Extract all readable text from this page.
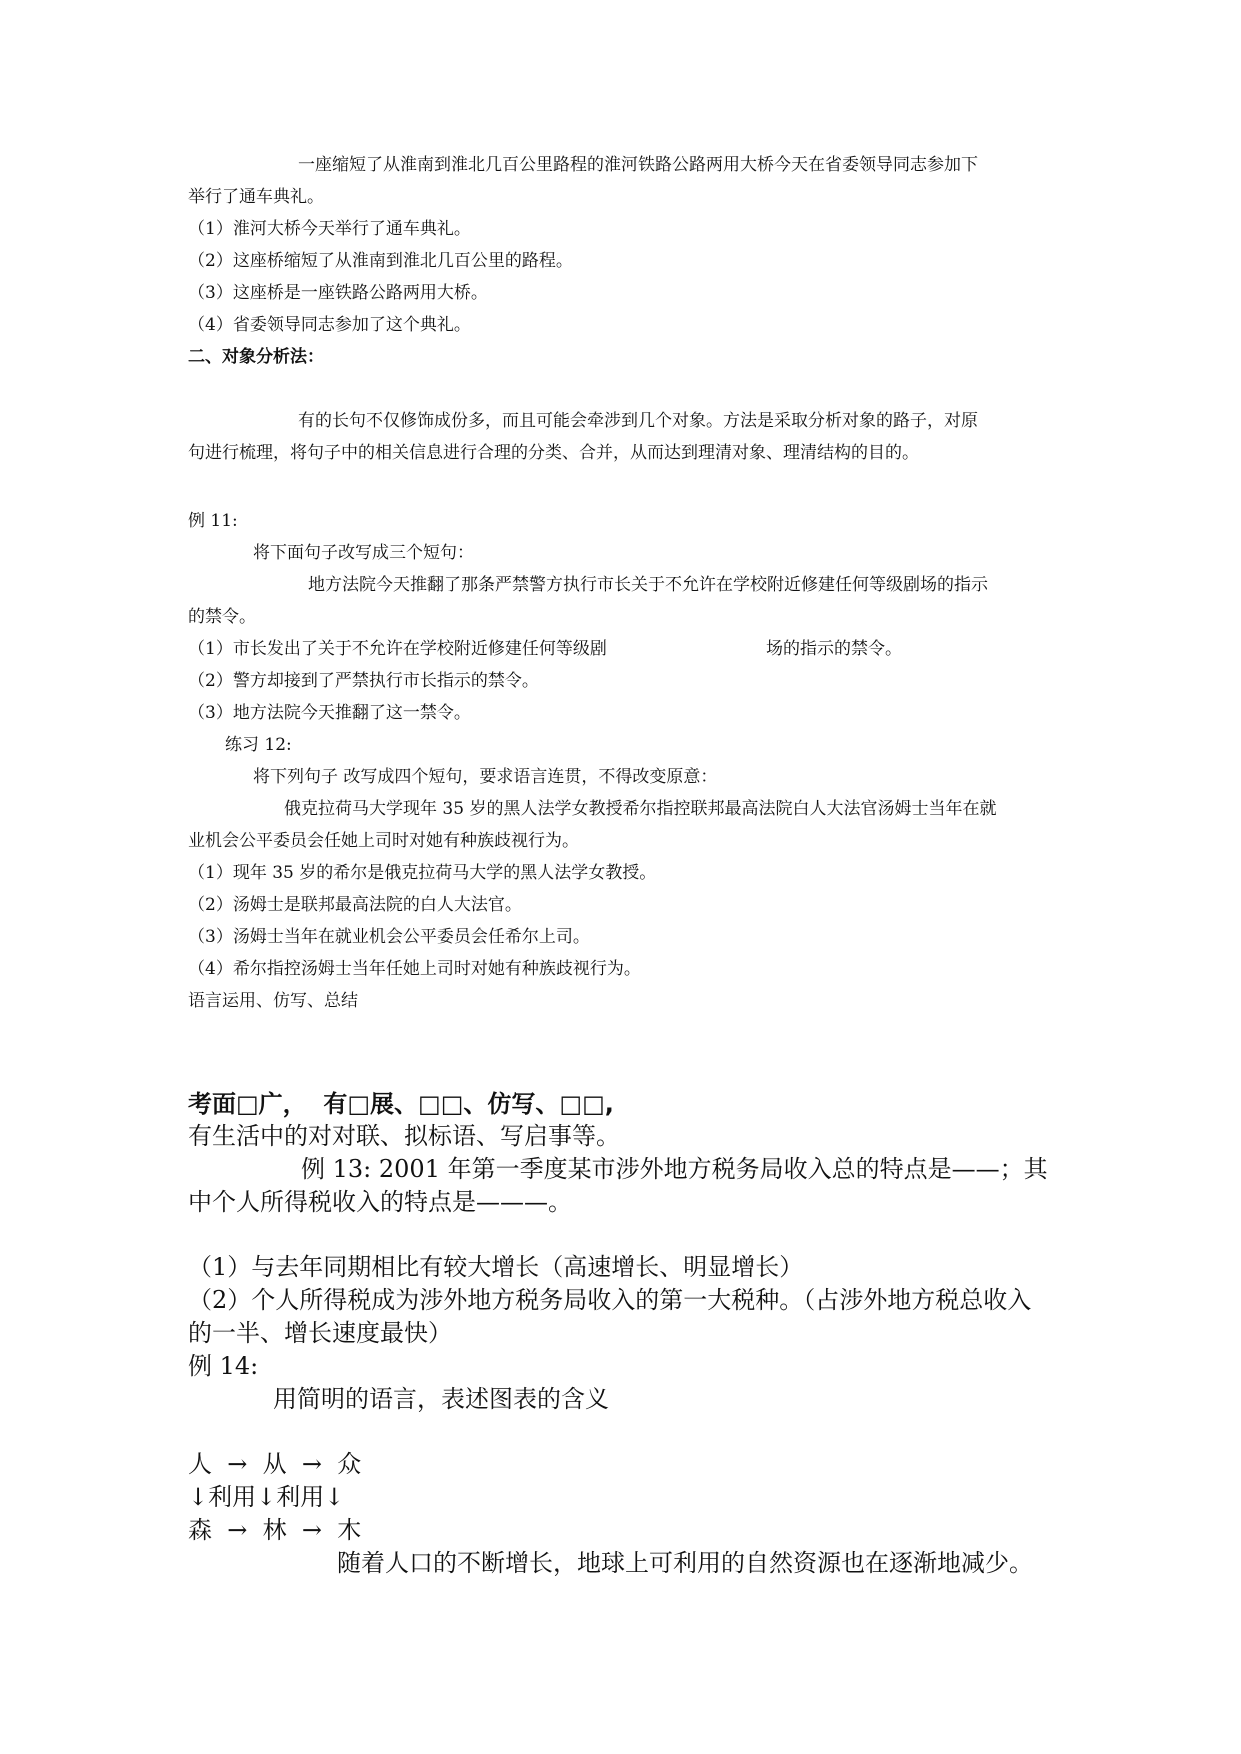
一座缩短了从淮南到淮北几百公里路程的淮河铁路公路两用大桥今天在省委领导同志参加下
举行了通车典礼。
（1）淮河大桥今天举行了通车典礼。
（2）这座桥缩短了从淮南到淮北几百公里的路程。
（3）这座桥是一座铁路公路两用大桥。
（4）省委领导同志参加了这个典礼。
二、对象分析法：
有的长句不仅修饰成份多，而且可能会牵涉到几个对象。方法是采取分析对象的路子，对原
句进行梳理，将句子中的相关信息进行合理的分类、合并，从而达到理清对象、理清结构的目的。
例 11:
将下面句子改写成三个短句：
地方法院今天推翻了那条严禁警方执行市长关于不允许在学校附近修建任何等级剧场的指示
的禁令。
（1）市长发出了关于不允许在学校附近修建任何等级剧	场的指示的禁令。
（2）警方却接到了严禁执行市长指示的禁令。
（3）地方法院今天推翻了这一禁令。
练习 12:
将下列句子 改写成四个短句，要求语言连贯，不得改变原意：
俄克拉荷马大学现年 35 岁的黑人法学女教授希尔指控联邦最高法院白人大法官汤姆士当年在就
业机会公平委员会任她上司时对她有种族歧视行为。
（1）现年 35 岁的希尔是俄克拉荷马大学的黑人法学女教授。
（2）汤姆士是联邦最高法院的白人大法官。
（3）汤姆士当年在就业机会公平委员会任希尔上司。
（4）希尔指控汤姆士当年任她上司时对她有种族歧视行为。
语言运用、仿写、总结
考面□广，  有□展、□□、仿写、□□,
有生活中的对对联、拟标语、写启事等。
例 13: 2001 年第一季度某市涉外地方税务局收入总的特点是——；其
中个人所得税收入的特点是———。
（1）与去年同期相比有较大增长（高速增长、明显增长）
（2）个人所得税成为涉外地方税务局收入的第一大税种。（占涉外地方税总收入
的一半、增长速度最快）
例 14:
用简明的语言，表述图表的含义
人  →  从  →  众
↓利用↓利用↓
森  →  林  →  木
随着人口的不断增长，地球上可利用的自然资源也在逐渐地减少。
